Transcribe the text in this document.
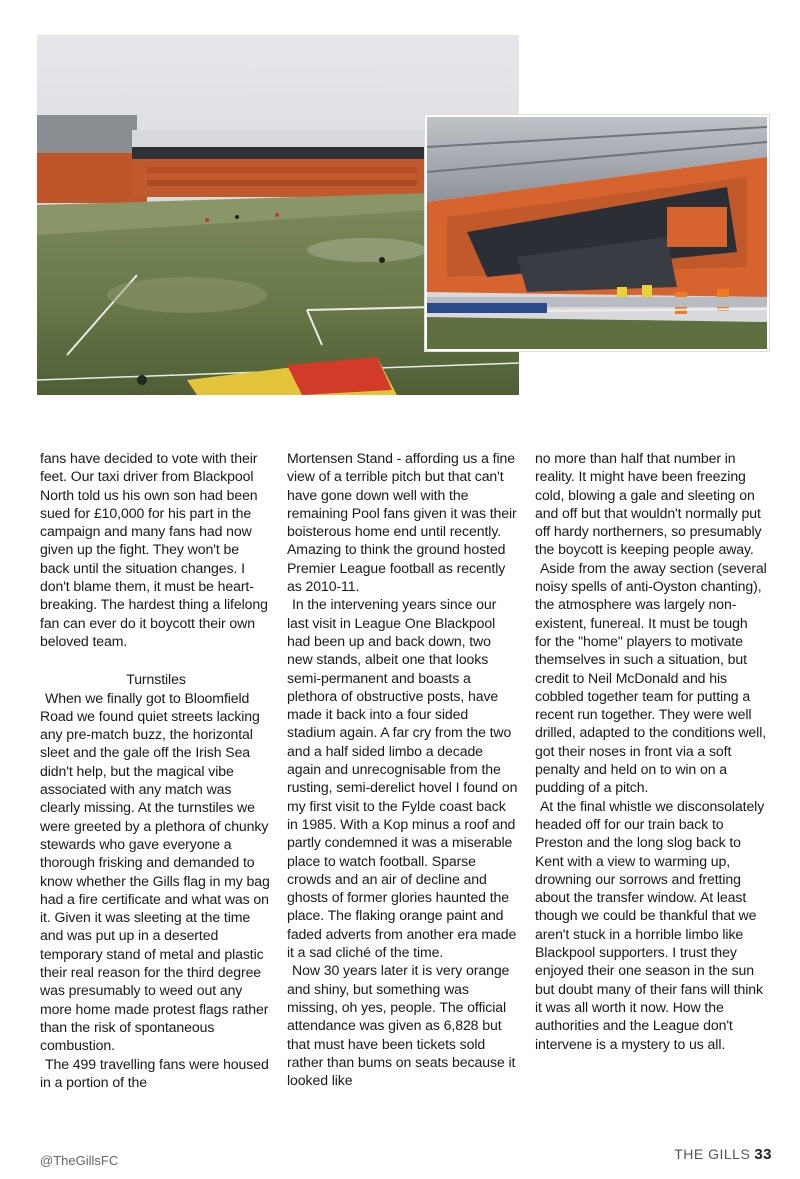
fans have decided to vote with their feet. Our taxi driver from Blackpool North told us his own son had been sued for £10,000 for his part in the campaign and many fans had now given up the fight. They won't be back until the situation changes. I don't blame them, it must be heart-breaking. The hardest thing a lifelong fan can ever do it boycott their own beloved team.

Turnstiles

When we finally got to Bloomfield Road we found quiet streets lacking any pre-match buzz, the horizontal sleet and the gale off the Irish Sea didn't help, but the magical vibe associated with any match was clearly missing. At the turnstiles we were greeted by a plethora of chunky stewards who gave everyone a thorough frisking and demanded to know whether the Gills flag in my bag had a fire certificate and what was on it. Given it was sleeting at the time and was put up in a deserted temporary stand of metal and plastic their real reason for the third degree was presumably to weed out any more home made protest flags rather than the risk of spontaneous combustion.

The 499 travelling fans were housed in a portion of the

Mortensen Stand - affording us a fine view of a terrible pitch but that can't have gone down well with the remaining Pool fans given it was their boisterous home end until recently. Amazing to think the ground hosted Premier League football as recently as 2010-11.

In the intervening years since our last visit in League One Blackpool had been up and back down, two new stands, albeit one that looks semi-permanent and boasts a plethora of obstructive posts, have made it back into a four sided stadium again. A far cry from the two and a half sided limbo a decade again and unrecognisable from the rusting, semi-derelict hovel I found on my first visit to the Fylde coast back in 1985. With a Kop minus a roof and partly condemned it was a miserable place to watch football. Sparse crowds and an air of decline and ghosts of former glories haunted the place. The flaking orange paint and faded adverts from another era made it a sad cliché of the time.

Now 30 years later it is very orange and shiny, but something was missing, oh yes, people. The official attendance was given as 6,828 but that must have been tickets sold rather than bums on seats because it looked like

no more than half that number in reality. It might have been freezing cold, blowing a gale and sleeting on and off but that wouldn't normally put off hardy northerners, so presumably the boycott is keeping people away.

Aside from the away section (several noisy spells of anti-Oyston chanting), the atmosphere was largely non-existent, funereal. It must be tough for the "home" players to motivate themselves in such a situation, but credit to Neil McDonald and his cobbled together team for putting a recent run together. They were well drilled, adapted to the conditions well, got their noses in front via a soft penalty and held on to win on a pudding of a pitch.

At the final whistle we disconsolately headed off for our train back to Preston and the long slog back to Kent with a view to warming up, drowning our sorrows and fretting about the transfer window. At least though we could be thankful that we aren't stuck in a horrible limbo like Blackpool supporters. I trust they enjoyed their one season in the sun but doubt many of their fans will think it was all worth it now. How the authorities and the League don't intervene is a mystery to us all.

@TheGillsFC	THE GILLS 33
